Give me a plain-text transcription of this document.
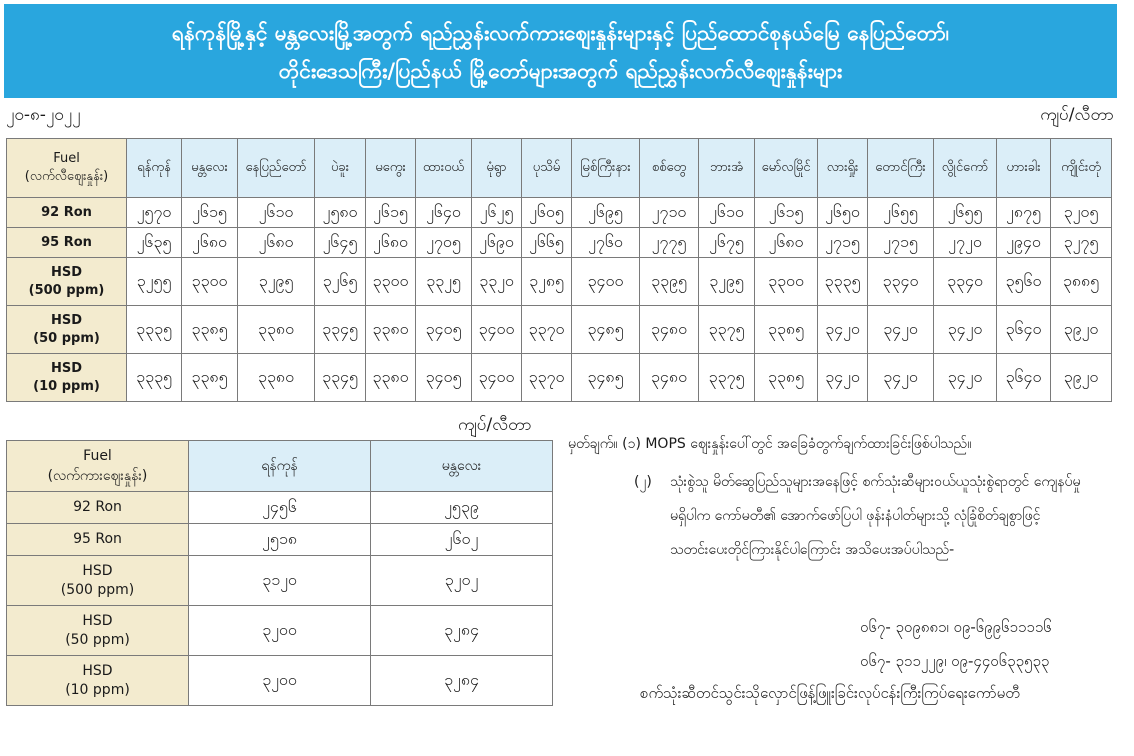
ရန်ကုန်မြို့နှင့် မန္တလေးမြို့အတွက် ရည်ညွှန်းလက်ကားဈေးနှုန်းများနှင့် ပြည်ထောင်စုနယ်မြေ နေပြည်တော်၊
တိုင်းဒေသကြီး/ပြည်နယ် မြို့တော်များအတွက် ရည်ညွှန်းလက်လီဈေးနှုန်းများ
၂၀-၈-၂၀၂၂	ကျပ်/လီတာ
Fuel
(လက်လီဈေးနှုန်း)	ရန်ကုန်	မန္တလေး	နေပြည်တော်	ပဲခူး	မကွေး	ထားဝယ်	မုံရွာ	ပုသိမ်	မြစ်ကြီးနား	စစ်တွေ	ဘားအံ	မော်လမြိုင်	လားရှိုး	တောင်ကြီး	လွိုင်ကော်	ဟားခါး	ကျိုင်းတုံ

92 Ron	၂၅၇၀	၂၆၁၅	၂၆၁၀	၂၅၈၀	၂၆၁၅	၂၆၄၀	၂၆၂၅	၂၆၀၅	၂၆၉၅	၂၇၁၀	၂၆၁၀	၂၆၁၅	၂၆၅၀	၂၆၅၅	၂၆၅၅	၂၈၇၅	၃၂၀၅

95 Ron	၂၆၃၅	၂၆၈၀	၂၆၈၀	၂၆၄၅	၂၆၈၀	၂၇၀၅	၂၆၉၀	၂၆၆၅	၂၇၆၀	၂၇၇၅	၂၆၇၅	၂၆၈၀	၂၇၁၅	၂၇၁၅	၂၇၂၀	၂၉၄၀	၃၂၇၅

HSD
(500 ppm)	၃၂၅၅	၃၃၀၀	၃၂၉၅	၃၂၆၅	၃၃၀၀	၃၃၂၅	၃၃၂၀	၃၂၈၅	၃၄၀၀	၃၃၉၅	၃၂၉၅	၃၃၀၀	၃၃၃၅	၃၃၄၀	၃၃၄၀	၃၅၆၀	၃၈၈၅

HSD
(50 ppm)	၃၃၃၅	၃၃၈၅	၃၃၈၀	၃၃၄၅	၃၃၈၀	၃၄၀၅	၃၄၀၀	၃၃၇၀	၃၄၈၅	၃၄၈၀	၃၃၇၅	၃၃၈၅	၃၄၂၀	၃၄၂၀	၃၄၂၀	၃၆၄၀	၃၉၂၀

HSD
(10 ppm)	၃၃၃၅	၃၃၈၅	၃၃၈၀	၃၃၄၅	၃၃၈၀	၃၄၀၅	၃၄၀၀	၃၃၇၀	၃၄၈၅	၃၄၈၀	၃၃၇၅	၃၃၈၅	၃၄၂၀	၃၄၂၀	၃၄၂၀	၃၆၄၀	၃၉၂၀
ကျပ်/လီတာ
Fuel
(လက်ကားဈေးနှုန်း)	ရန်ကုန်	မန္တလေး

92 Ron	၂၄၅၆	၂၅၃၉

95 Ron	၂၅၁၈	၂၆၀၂

HSD
(500 ppm)	၃၁၂၀	၃၂၀၂

HSD
(50 ppm)	၃၂၀၀	၃၂၈၄

HSD
(10 ppm)	၃၂၀၀	၃၂၈၄
မှတ်ချက်။ (၁) MOPS ဈေးနှုန်းပေါ်တွင် အခြေခံတွက်ချက်ထားခြင်းဖြစ်ပါသည်။
(၂) သုံးစွဲသူ မိတ်ဆွေပြည်သူများအနေဖြင့် စက်သုံးဆီများဝယ်ယူသုံးစွဲရာတွင် ကျေနပ်မှု
မရှိပါက ကော်မတီ၏ အောက်ဖော်ပြပါ ဖုန်းနံပါတ်များသို့ လုံခြုံစိတ်ချစွာဖြင့်
သတင်းပေးတိုင်ကြားနိုင်ပါကြောင်း အသိပေးအပ်ပါသည်-
၀၆၇- ၃၀၉၈၈၁၊ ၀၉-၆၉၉၆၁၁၁၁၆
၀၆၇- ၃၁၁၂၂၉၊ ၀၉-၄၄၀၆၃၃၅၃၃
စက်သုံးဆီတင်သွင်းသိုလှောင်ဖြန့်ဖြူးခြင်းလုပ်ငန်းကြီးကြပ်ရေးကော်မတီ
